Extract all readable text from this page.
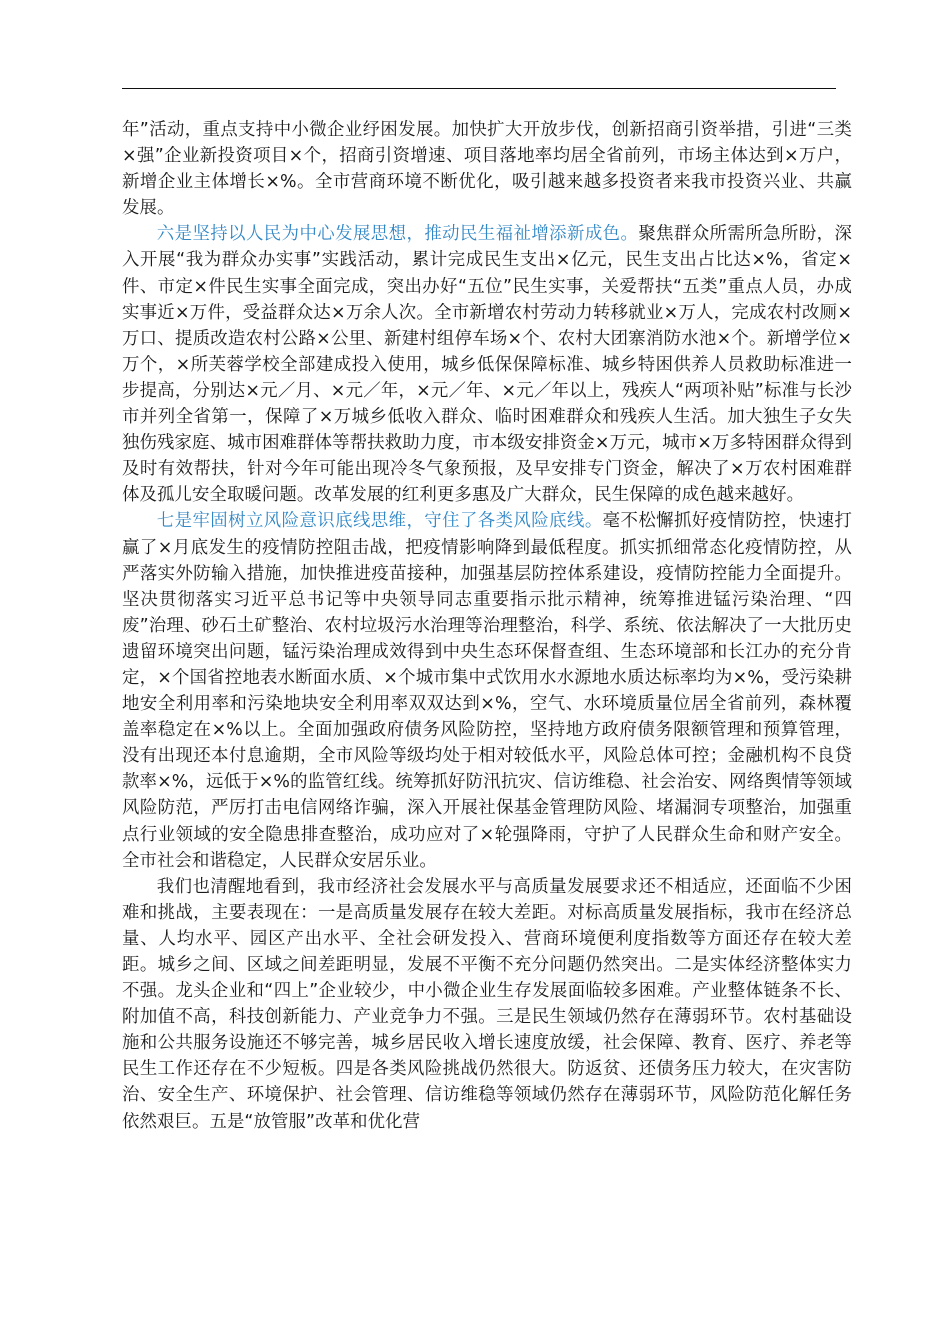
年”活动，重点支持中小微企业纾困发展。加快扩大开放步伐，创新招商引资举措，引进“三类×强”企业新投资项目×个，招商引资增速、项目落地率均居全省前列，市场主体达到×万户，新增企业主体增长×%。全市营商环境不断优化，吸引越来越多投资者来我市投资兴业、共赢发展。

六是坚持以人民为中心发展思想，推动民生福祉增添新成色。聚焦群众所需所急所盼，深入开展“我为群众办实事”实践活动，累计完成民生支出×亿元，民生支出占比达×%，省定×件、市定×件民生实事全面完成，突出办好“五位”民生实事，关爱帮扶“五类”重点人员，办成实事近×万件，受益群众达×万余人次。全市新增农村劳动力转移就业×万人，完成农村改厕×万口、提质改造农村公路×公里、新建村组停车场×个、农村大团寨消防水池×个。新增学位×万个，×所芙蓉学校全部建成投入使用，城乡低保保障标准、城乡特困供养人员救助标准进一步提高，分别达×元／月、×元／年，×元／年、×元／年以上，残疾人“两项补贴”标准与长沙市并列全省第一，保障了×万城乡低收入群众、临时困难群众和残疾人生活。加大独生子女失独伤残家庭、城市困难群体等帮扶救助力度，市本级安排资金×万元，城市×万多特困群众得到及时有效帮扶，针对今年可能出现冷冬气象预报，及早安排专门资金，解决了×万农村困难群体及孤儿安全取暖问题。改革发展的红利更多惠及广大群众，民生保障的成色越来越好。

七是牢固树立风险意识底线思维，守住了各类风险底线。毫不松懈抓好疫情防控，快速打赢了×月底发生的疫情防控阻击战，把疫情影响降到最低程度。抓实抓细常态化疫情防控，从严落实外防输入措施，加快推进疫苗接种，加强基层防控体系建设，疫情防控能力全面提升。坚决贯彻落实习近平总书记等中央领导同志重要指示批示精神，统筹推进锰污染治理、“四废”治理、砂石土矿整治、农村垃圾污水治理等治理整治，科学、系统、依法解决了一大批历史遗留环境突出问题，锰污染治理成效得到中央生态环保督查组、生态环境部和长江办的充分肯定，×个国省控地表水断面水质、×个城市集中式饮用水水源地水质达标率均为×%，受污染耕地安全利用率和污染地块安全利用率双双达到×%，空气、水环境质量位居全省前列，森林覆盖率稳定在×%以上。全面加强政府债务风险防控，坚持地方政府债务限额管理和预算管理，没有出现还本付息逾期，全市风险等级均处于相对较低水平，风险总体可控；金融机构不良贷款率×%，远低于×%的监管红线。统筹抓好防汛抗灾、信访维稳、社会治安、网络舆情等领域风险防范，严厉打击电信网络诈骗，深入开展社保基金管理防风险、堵漏洞专项整治，加强重点行业领域的安全隐患排查整治，成功应对了×轮强降雨，守护了人民群众生命和财产安全。全市社会和谐稳定，人民群众安居乐业。

我们也清醒地看到，我市经济社会发展水平与高质量发展要求还不相适应，还面临不少困难和挑战，主要表现在：一是高质量发展存在较大差距。对标高质量发展指标，我市在经济总量、人均水平、园区产出水平、全社会研发投入、营商环境便利度指数等方面还存在较大差距。城乡之间、区域之间差距明显，发展不平衡不充分问题仍然突出。二是实体经济整体实力不强。龙头企业和“四上”企业较少，中小微企业生存发展面临较多困难。产业整体链条不长、附加值不高，科技创新能力、产业竞争力不强。三是民生领域仍然存在薄弱环节。农村基础设施和公共服务设施还不够完善，城乡居民收入增长速度放缓，社会保障、教育、医疗、养老等民生工作还存在不少短板。四是各类风险挑战仍然很大。防返贫、还债务压力较大，在灾害防治、安全生产、环境保护、社会管理、信访维稳等领域仍然存在薄弱环节，风险防范化解任务依然艰巨。五是“放管服”改革和优化营
